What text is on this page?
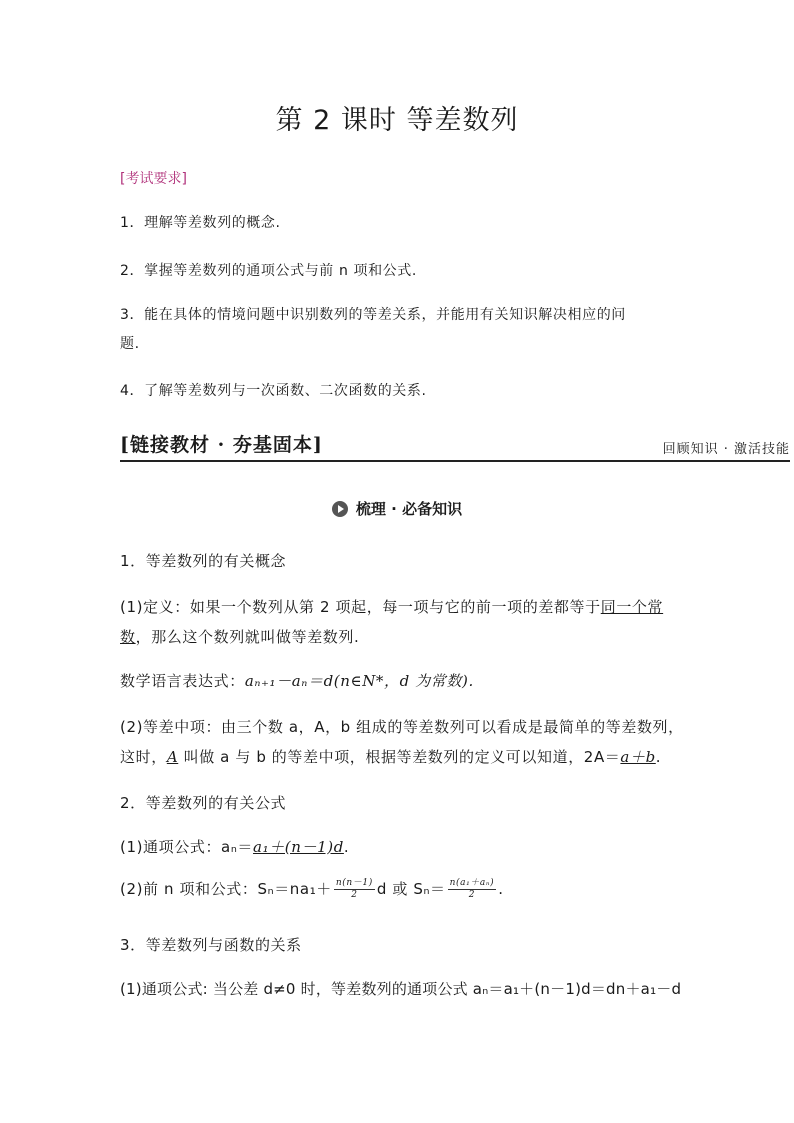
第 2 课时 等差数列
[考试要求]
1．理解等差数列的概念.
2．掌握等差数列的通项公式与前 n 项和公式.
3．能在具体的情境问题中识别数列的等差关系，并能用有关知识解决相应的问
题.
4．了解等差数列与一次函数、二次函数的关系.
[链接教材 · 夯基固本]	回顾知识 · 激活技能
梳理 · 必备知识
1．等差数列的有关概念
(1)定义：如果一个数列从第 2 项起，每一项与它的前一项的差都等于同一个常
数，那么这个数列就叫做等差数列.
数学语言表达式：aₙ₊₁－aₙ＝d(n∈N*，d 为常数).
(2)等差中项：由三个数 a，A，b 组成的等差数列可以看成是最简单的等差数列，
这时，A 叫做 a 与 b 的等差中项，根据等差数列的定义可以知道，2A＝a＋b.
2．等差数列的有关公式
(1)通项公式：aₙ＝a₁＋(n－1)d.
(2)前 n 项和公式：$S_n=na_1+ \frac{n(n-1)}{2}$ d 或 $S_n= \frac{\text{n(a₁＋aₙ)}}{2}$ .
3．等差数列与函数的关系
(1)通项公式: 当公差 d≠0 时，等差数列的通项公式 aₙ＝a₁＋(n－1)d＝dn＋a₁－d
